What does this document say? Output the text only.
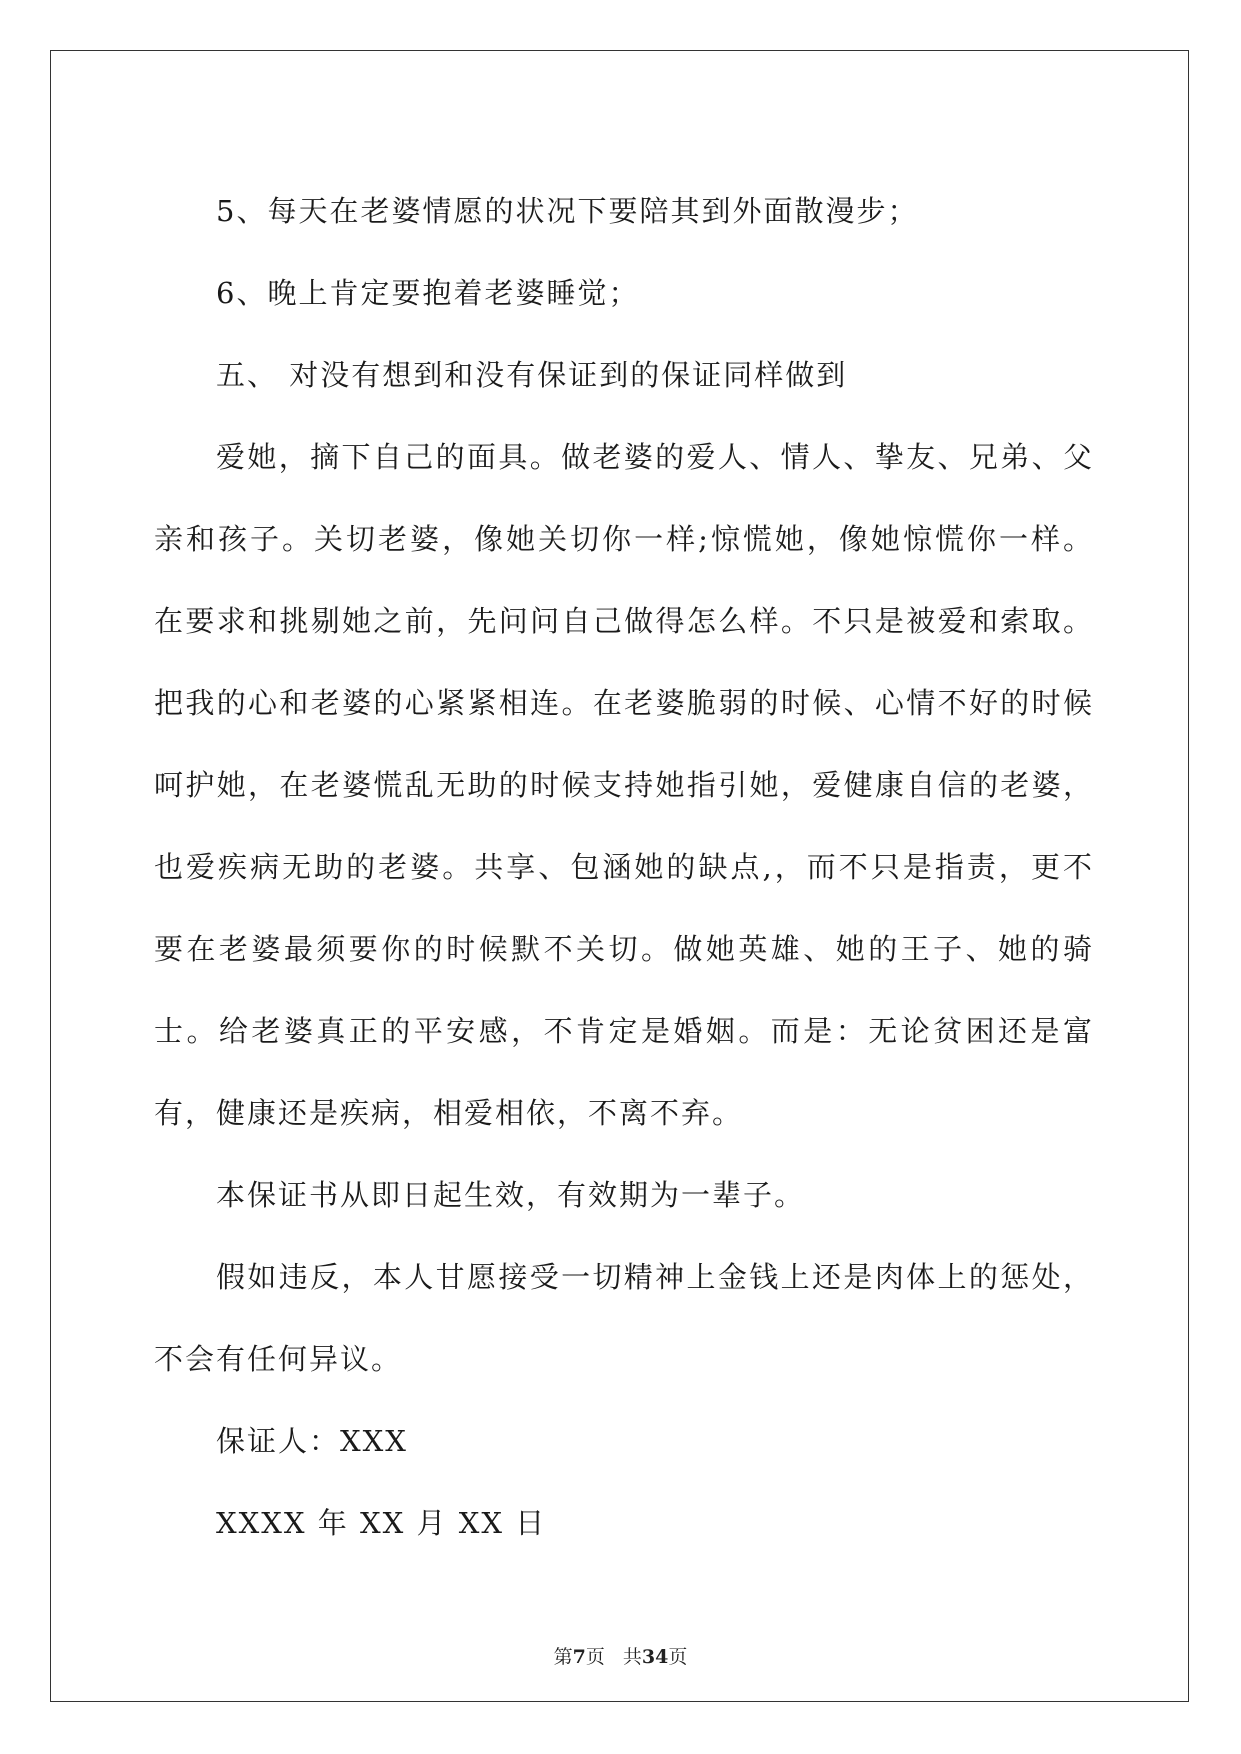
5、每天在老婆情愿的状况下要陪其到外面散漫步；
6、晚上肯定要抱着老婆睡觉；
五、 对没有想到和没有保证到的保证同样做到
爱她，摘下自己的面具。做老婆的爱人、情人、挚友、兄弟、父亲和孩子。关切老婆，像她关切你一样;惊慌她，像她惊慌你一样。在要求和挑剔她之前，先问问自己做得怎么样。不只是被爱和索取。把我的心和老婆的心紧紧相连。在老婆脆弱的时候、心情不好的时候呵护她，在老婆慌乱无助的时候支持她指引她，爱健康自信的老婆，也爱疾病无助的老婆。共享、包涵她的缺点,，而不只是指责，更不要在老婆最须要你的时候默不关切。做她英雄、她的王子、她的骑士。给老婆真正的平安感，不肯定是婚姻。而是：无论贫困还是富有，健康还是疾病，相爱相依，不离不弃。
本保证书从即日起生效，有效期为一辈子。
假如违反，本人甘愿接受一切精神上金钱上还是肉体上的惩处，不会有任何异议。
保证人：XXX
XXXX 年 XX 月 XX 日
第7页 共34页
